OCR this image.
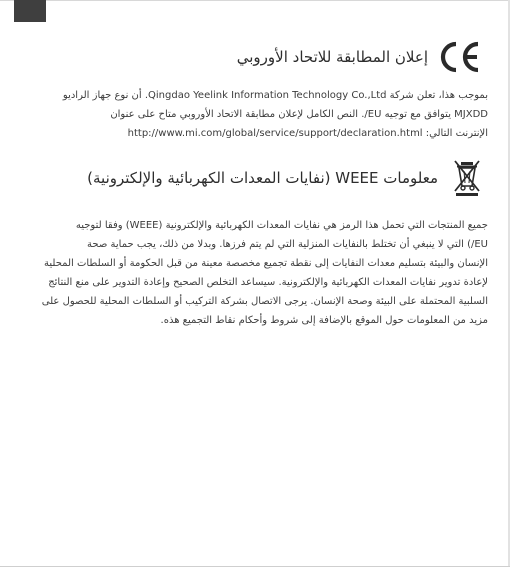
إعلان المطابقة للاتحاد الأوروبي
بموجب هذا، تعلن شركة Qingdao Yeelink Information Technology Co.,Ltd. أن نوع جهاز الراديو
MJXDD يتوافق مع توجيه EU/. النص الكامل لإعلان مطابقة الاتحاد الأوروبي متاح على عنوان
الإنترنت التالي: http://www.mi.com/global/service/support/declaration.html
معلومات WEEE (نفايات المعدات الكهربائية والإلكترونية)
جميع المنتجات التي تحمل هذا الرمز هي نفايات المعدات الكهربائية والإلكترونية (WEEE) وفقا لتوجيه
EU/) التي لا ينبغي أن تختلط بالنفايات المنزلية التي لم يتم فرزها. وبدلا من ذلك، يجب حماية صحة
الإنسان والبيئة بتسليم معدات النفايات إلى نقطة تجميع مخصصة معينة من قبل الحكومة أو السلطات المحلية
لإعادة تدوير نفايات المعدات الكهربائية والإلكترونية. سيساعد التخلص الصحيح وإعادة التدوير على منع النتائج
السلبية المحتملة على البيئة وصحة الإنسان. يرجى الاتصال بشركة التركيب أو السلطات المحلية للحصول على
مزيد من المعلومات حول الموقع بالإضافة إلى شروط وأحكام نقاط التجميع هذه.
